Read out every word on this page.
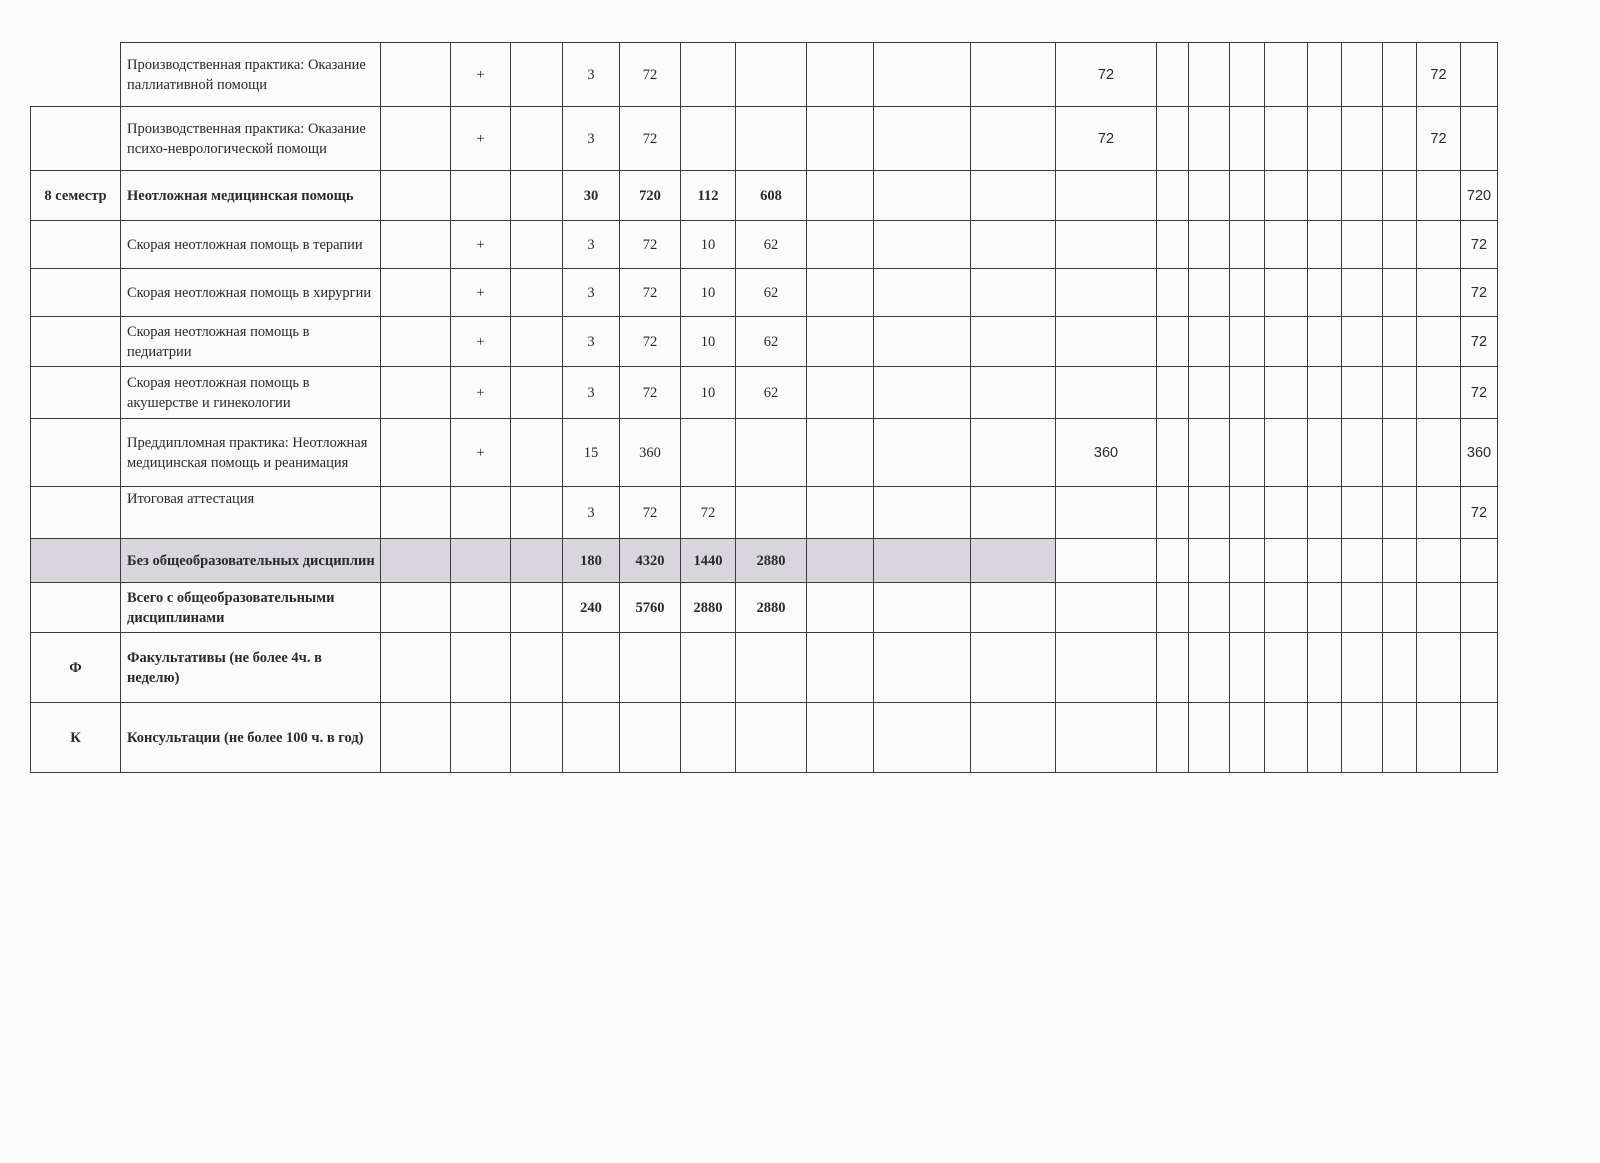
	Производственная практика: Оказание паллиативной помощи		+		3	72						72								72	
	Производственная практика: Оказание психо-неврологической помощи		+		3	72						72								72	
8 семестр	Неотложная медицинская помощь				30	720	112	608													720
	Скорая неотложная помощь в терапии		+		3	72	10	62													72
	Скорая неотложная помощь в хирургии		+		3	72	10	62													72
	Скорая неотложная помощь в педиатрии		+		3	72	10	62													72
	Скорая неотложная помощь в акушерстве и гинекологии		+		3	72	10	62													72
	Преддипломная практика: Неотложная медицинская помощь и реанимация		+		15	360						360									360
	Итоговая аттестация				3	72	72														72
	Без общеобразовательных дисциплин				180	4320	1440	2880													
	Всего с общеобразовательными дисциплинами				240	5760	2880	2880													
Ф	Факультативы (не более 4ч. в неделю)																				
К	Консультации (не более 100 ч. в год)																				
